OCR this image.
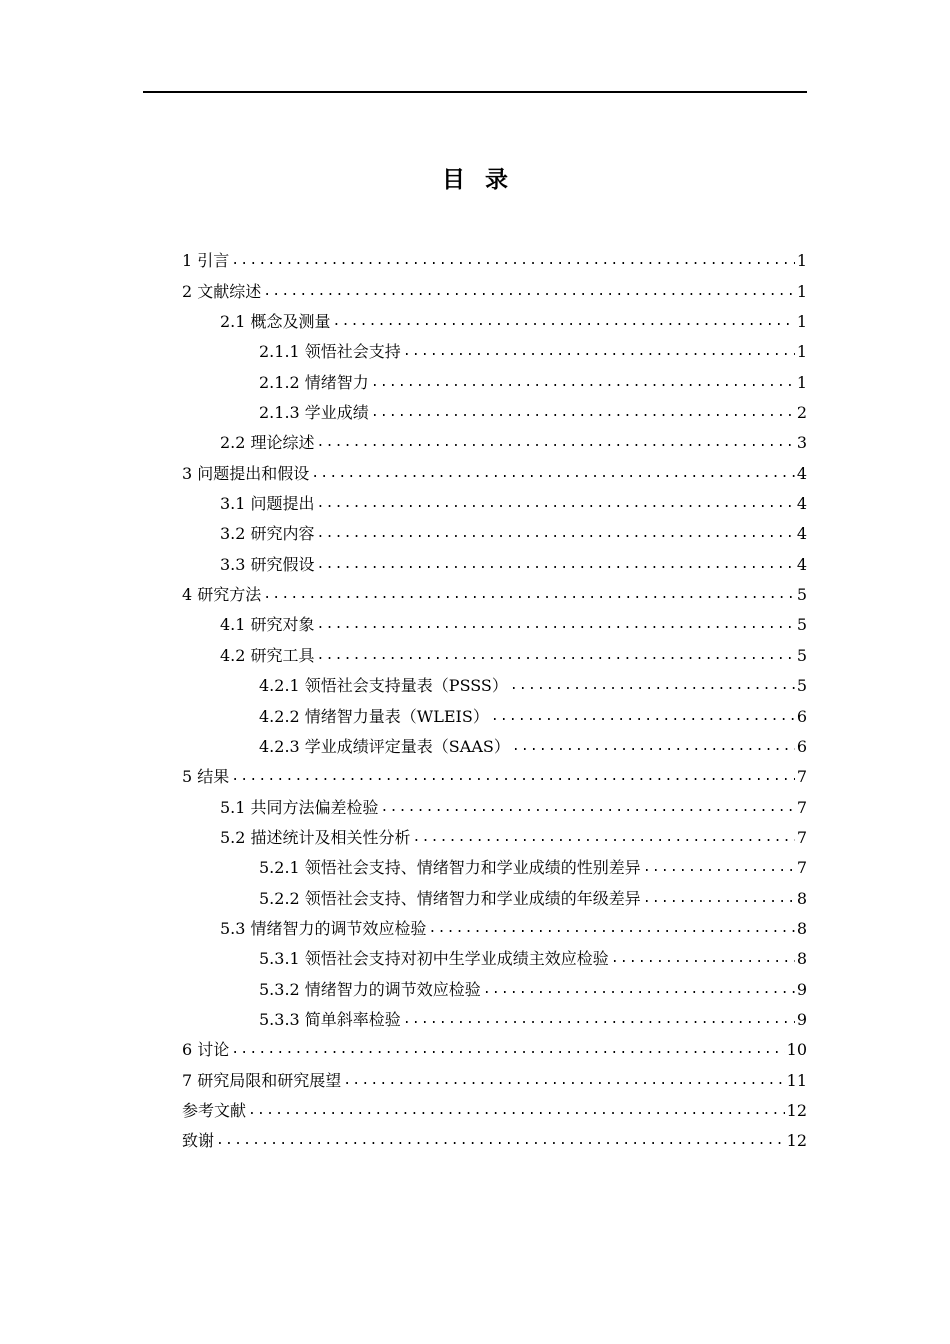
目录
1 引言 .....	1
2 文献综述 .....	1
2.1 概念及测量 .....	1
2.1.1 领悟社会支持 .....	1
2.1.2 情绪智力 .....	1
2.1.3 学业成绩 .....	2
2.2 理论综述 .....	3
3 问题提出和假设 .....	4
3.1 问题提出 .....	4
3.2 研究内容 .....	4
3.3 研究假设 .....	4
4 研究方法 .....	5
4.1 研究对象 .....	5
4.2 研究工具 .....	5
4.2.1 领悟社会支持量表（PSSS） .....	5
4.2.2 情绪智力量表（WLEIS） .....	6
4.2.3 学业成绩评定量表（SAAS） .....	6
5 结果 .....	7
5.1 共同方法偏差检验 .....	7
5.2 描述统计及相关性分析 .....	7
5.2.1 领悟社会支持、情绪智力和学业成绩的性别差异 .....	7
5.2.2 领悟社会支持、情绪智力和学业成绩的年级差异 .....	8
5.3 情绪智力的调节效应检验 .....	8
5.3.1 领悟社会支持对初中生学业成绩主效应检验 .....	8
5.3.2 情绪智力的调节效应检验 .....	9
5.3.3 简单斜率检验 .....	9
6 讨论 .....	10
7 研究局限和研究展望 .....	11
参考文献 .....	12
致谢 .....	12
